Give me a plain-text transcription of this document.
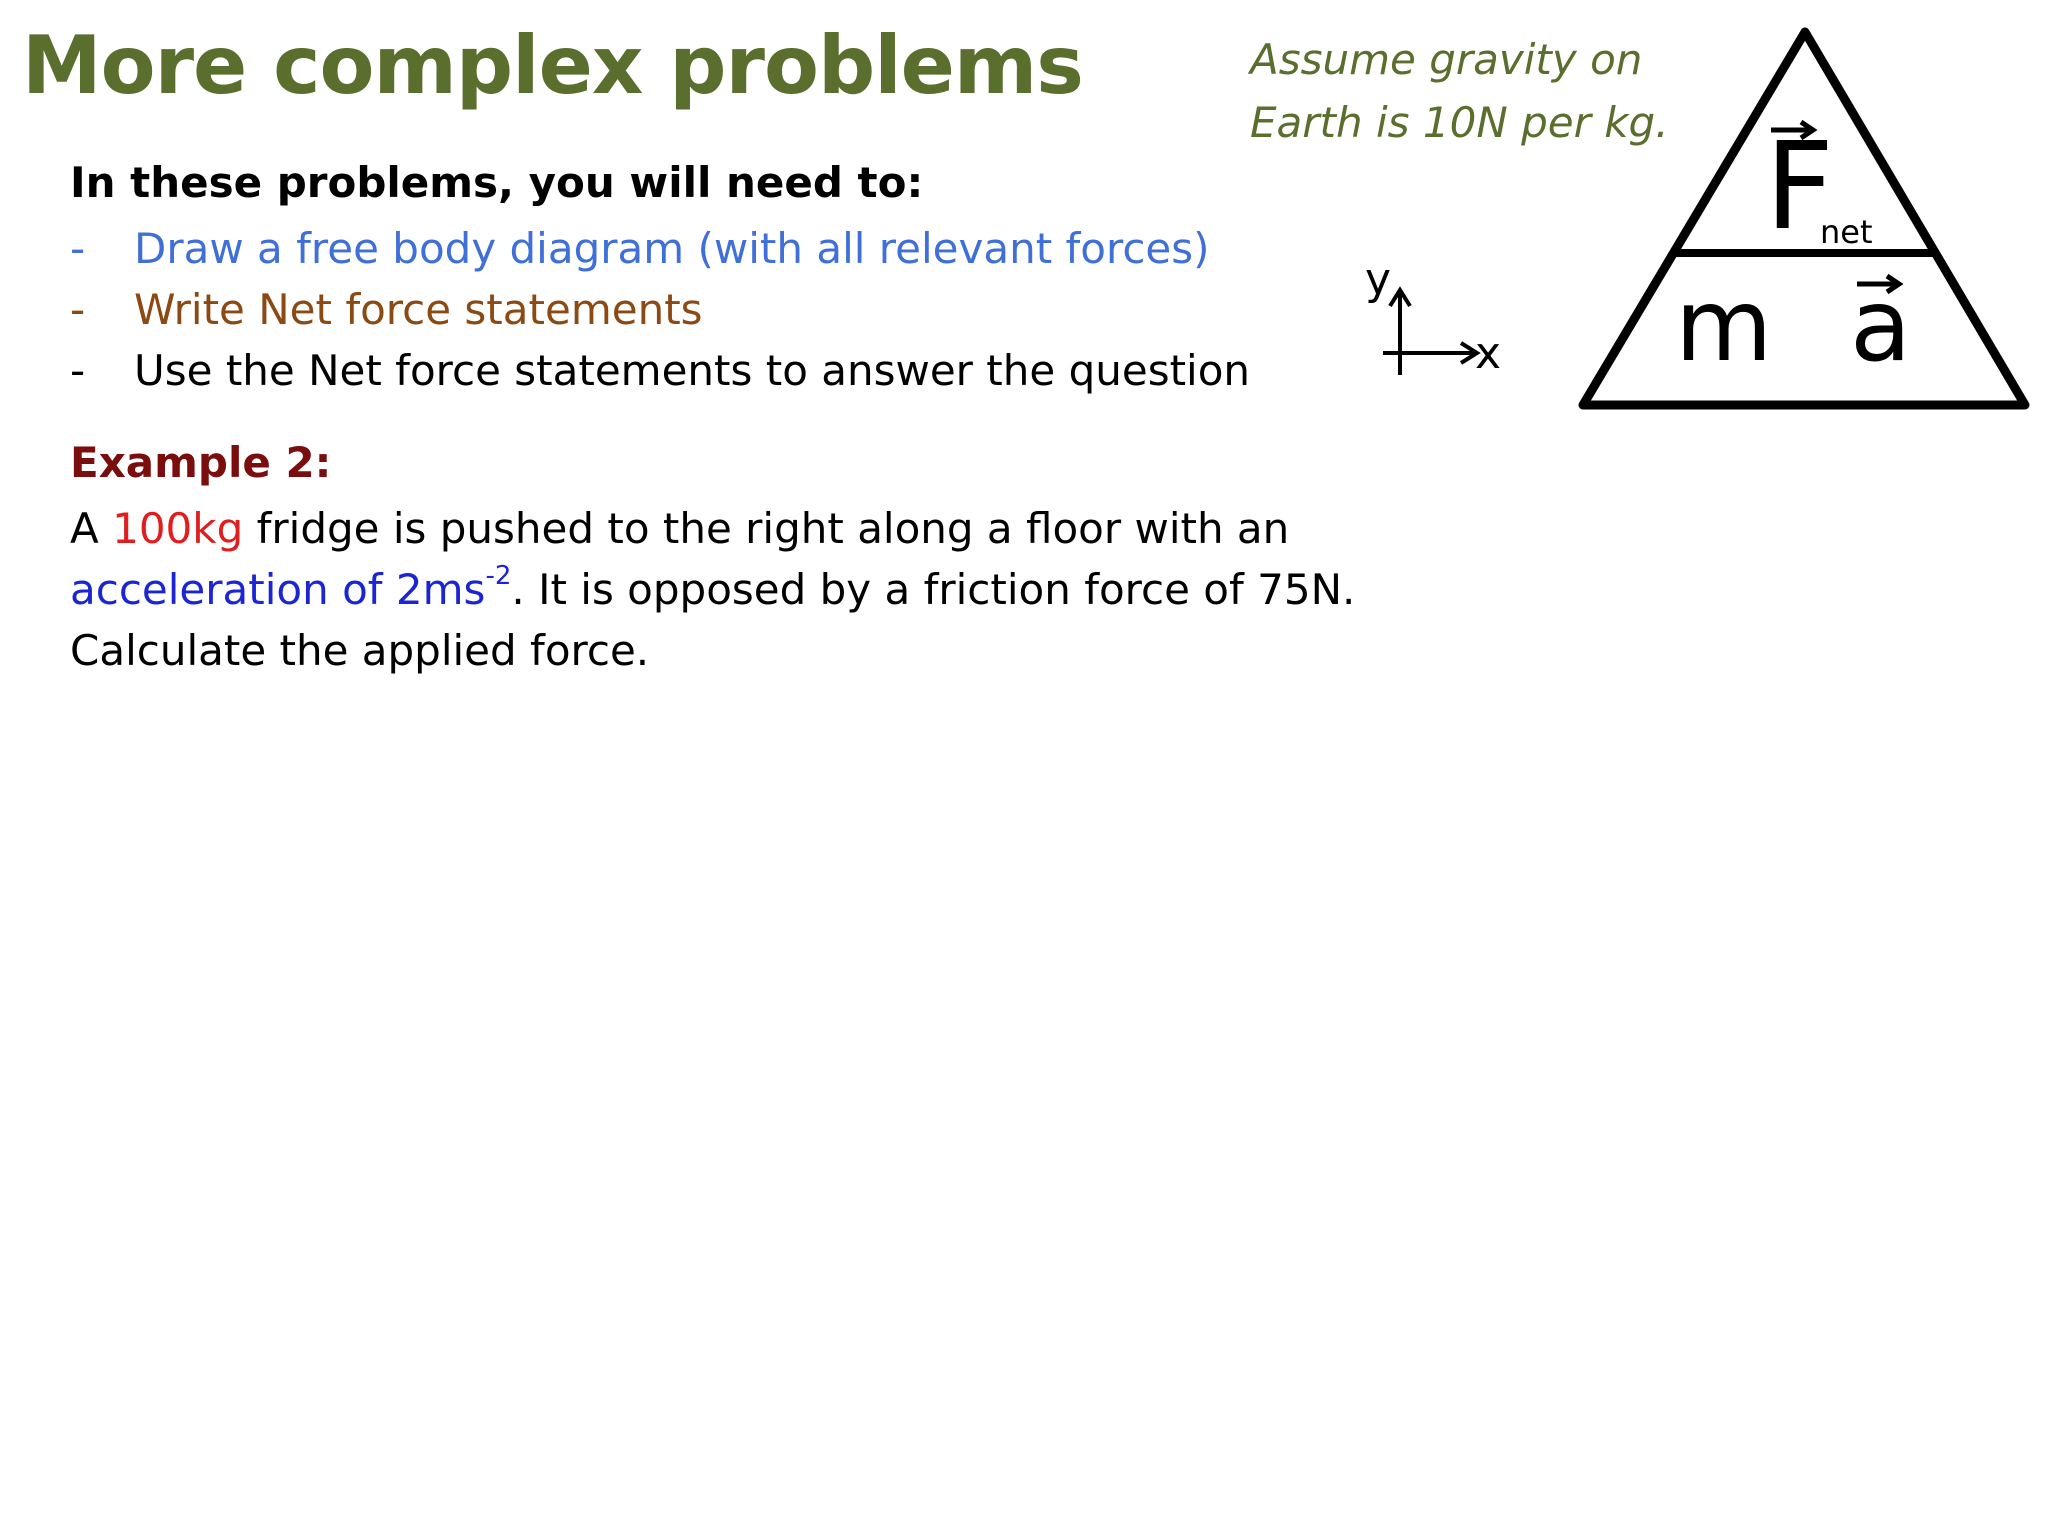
More complex problems	Assume gravity on
Earth is 10N per kg.
In these problems, you will need to:
-	Draw a free body diagram (with all relevant forces)
-	Write Net force statements
-	Use the Net force statements to answer the question
Example 2:
A 100kg fridge is pushed to the right along a floor with an
acceleration of $2ms^{-2}$. It is opposed by a friction force of 75N.
Calculate the applied force.
y
x
F
net
m a
